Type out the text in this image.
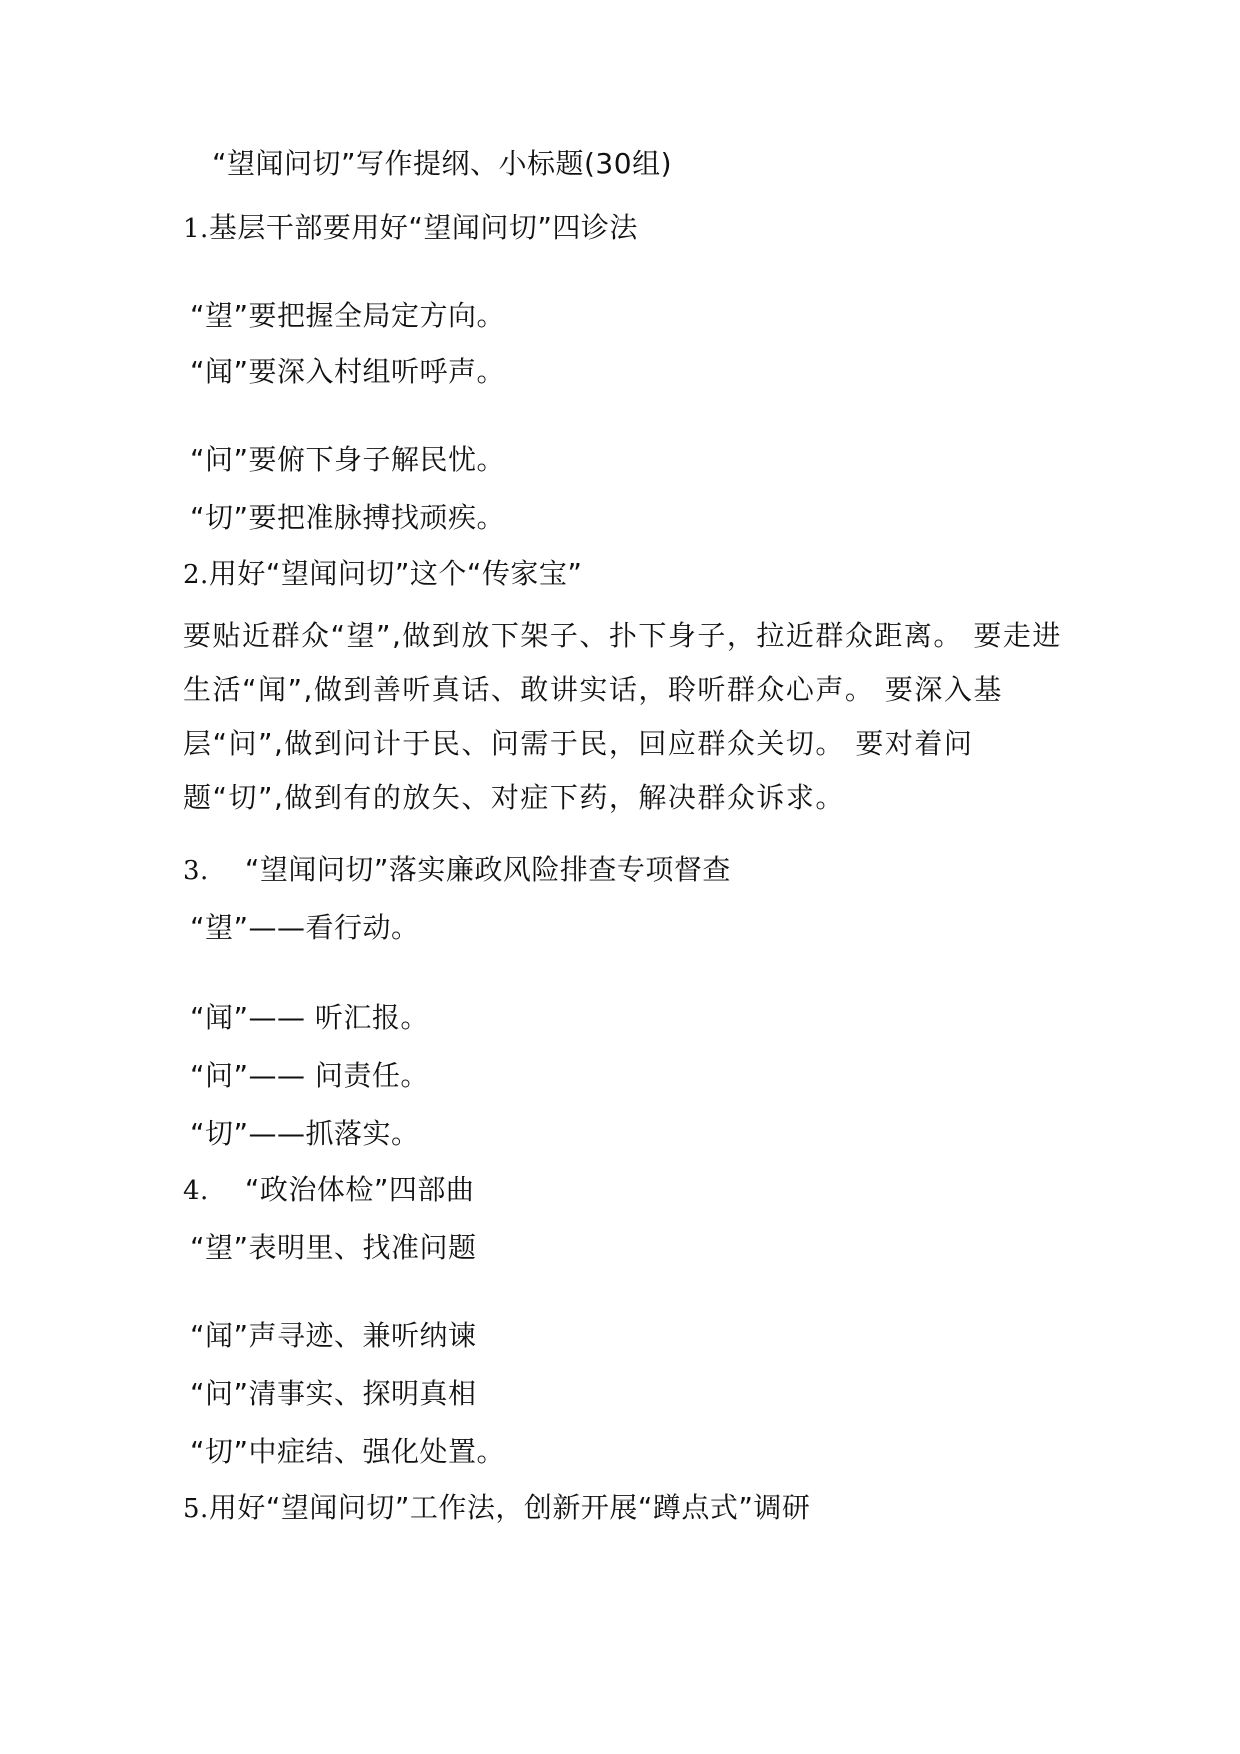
“望闻问切”写作提纲、小标题(30组)
1.基层干部要用好“望闻问切”四诊法
“望”要把握全局定方向。
“闻”要深入村组听呼声。
“问”要俯下身子解民忧。
“切”要把准脉搏找顽疾。
2.用好“望闻问切”这个“传家宝”
要贴近群众“望”,做到放下架子、扑下身子，拉近群众距离。 要走进
生活“闻”,做到善听真话、敢讲实话，聆听群众心声。 要深入基
层“问”,做到问计于民、问需于民，回应群众关切。 要对着问
题“切”,做到有的放矢、对症下药，解决群众诉求。
3. “望闻问切”落实廉政风险排查专项督查
“望”——看行动。
“闻”—— 听汇报。
“问”—— 问责任。
“切”——抓落实。
4. “政治体检”四部曲
“望”表明里、找准问题
“闻”声寻迹、兼听纳谏
“问”清事实、探明真相
“切”中症结、强化处置。
5.用好“望闻问切”工作法，创新开展“蹲点式”调研
